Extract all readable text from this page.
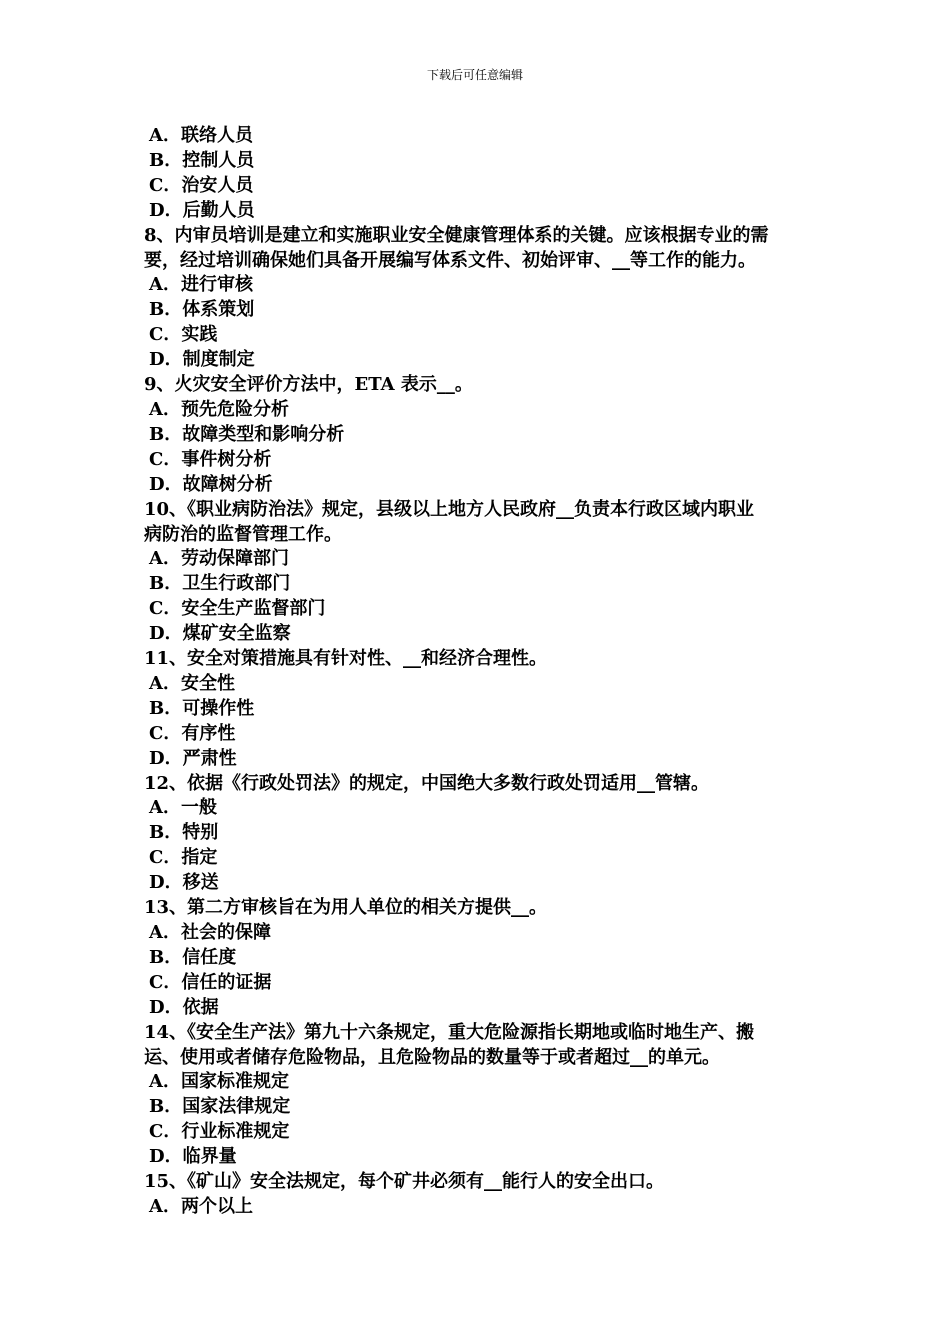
下载后可任意编辑
A．联络人员
B．控制人员
C．治安人员
D．后勤人员
8、内审员培训是建立和实施职业安全健康管理体系的关键。应该根据专业的需
要，经过培训确保她们具备开展编写体系文件、初始评审、__等工作的能力。
A．进行审核
B．体系策划
C．实践
D．制度制定
9、火灾安全评价方法中，ETA 表示__。
A．预先危险分析
B．故障类型和影响分析
C．事件树分析
D．故障树分析
10、《职业病防治法》规定，县级以上地方人民政府__负责本行政区域内职业
病防治的监督管理工作。
A．劳动保障部门
B．卫生行政部门
C．安全生产监督部门
D．煤矿安全监察
11、安全对策措施具有针对性、__和经济合理性。
A．安全性
B．可操作性
C．有序性
D．严肃性
12、依据《行政处罚法》的规定，中国绝大多数行政处罚适用__管辖。
A．一般
B．特别
C．指定
D．移送
13、第二方审核旨在为用人单位的相关方提供__。
A．社会的保障
B．信任度
C．信任的证据
D．依据
14、《安全生产法》第九十六条规定，重大危险源指长期地或临时地生产、搬
运、使用或者储存危险物品，且危险物品的数量等于或者超过__的单元。
A．国家标准规定
B．国家法律规定
C．行业标准规定
D．临界量
15、《矿山》安全法规定，每个矿井必须有__能行人的安全出口。
A．两个以上
